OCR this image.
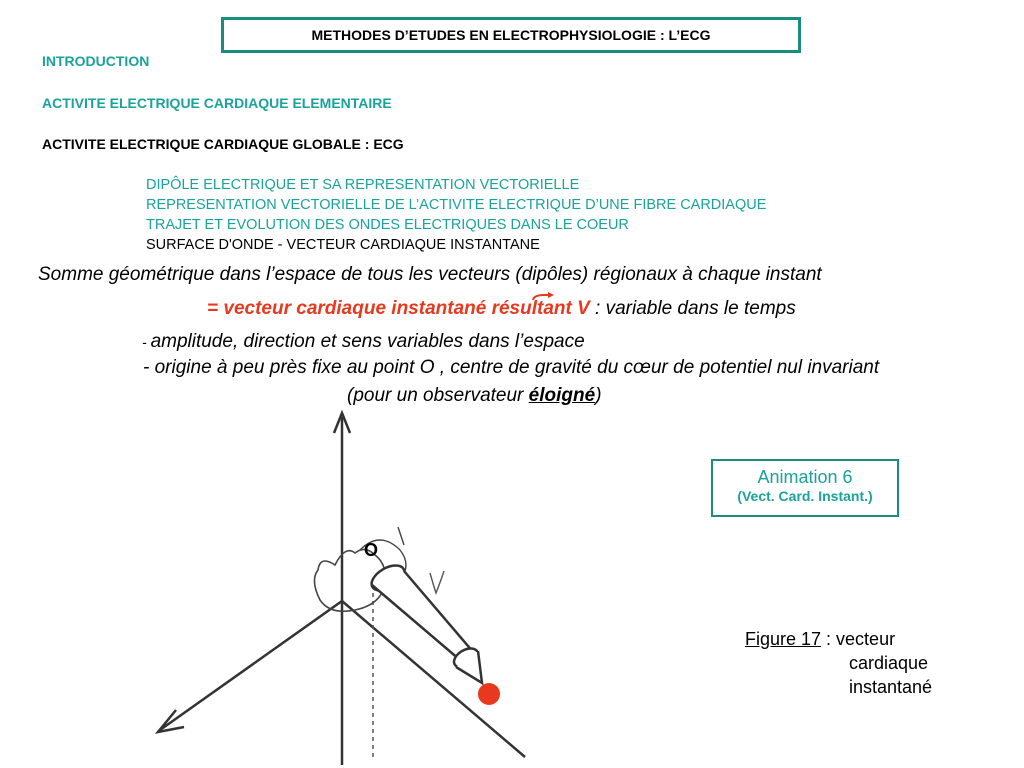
METHODES D’ETUDES EN ELECTROPHYSIOLOGIE : L’ECG
INTRODUCTION
ACTIVITE ELECTRIQUE CARDIAQUE ELEMENTAIRE
ACTIVITE ELECTRIQUE CARDIAQUE GLOBALE : ECG
DIPÔLE ELECTRIQUE ET SA REPRESENTATION VECTORIELLE
REPRESENTATION VECTORIELLE DE L’ACTIVITE ELECTRIQUE D’UNE FIBRE CARDIAQUE
TRAJET ET EVOLUTION DES ONDES ELECTRIQUES DANS LE COEUR
SURFACE D'ONDE - VECTEUR CARDIAQUE INSTANTANE
Somme géométrique dans l’espace de tous les vecteurs (dipôles) régionaux à chaque instant
= vecteur cardiaque instantané résultant V : variable dans le temps
- amplitude, direction et sens variables dans l’espace
- origine à peu près fixe au point O , centre de gravité du cœur de potentiel nul invariant
(pour un observateur éloigné)
Animation 6
(Vect. Card. Instant.)
O
Figure 17 : vecteur
cardiaque
instantané
